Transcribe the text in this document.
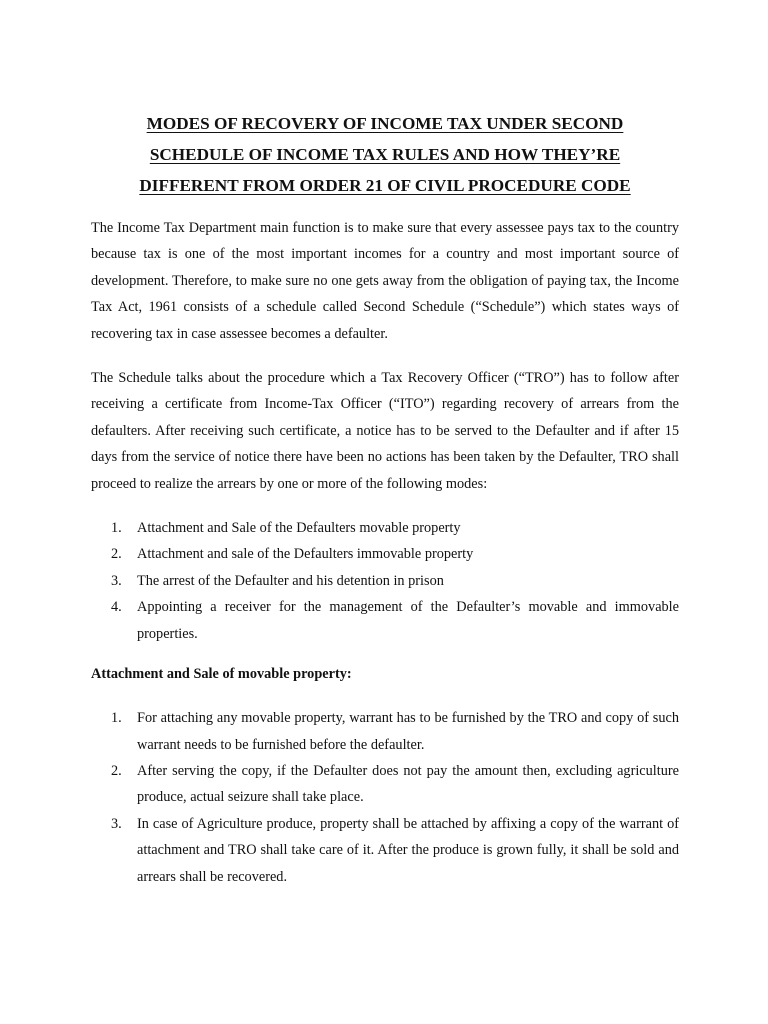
MODES OF RECOVERY OF INCOME TAX UNDER SECOND
SCHEDULE OF INCOME TAX RULES AND HOW THEY’RE
DIFFERENT FROM ORDER 21 OF CIVIL PROCEDURE CODE

The Income Tax Department main function is to make sure that every assessee pays tax to the country because tax is one of the most important incomes for a country and most important source of development. Therefore, to make sure no one gets away from the obligation of paying tax, the Income Tax Act, 1961 consists of a schedule called Second Schedule (“Schedule”) which states ways of recovering tax in case assessee becomes a defaulter.

The Schedule talks about the procedure which a Tax Recovery Officer (“TRO”) has to follow after receiving a certificate from Income-Tax Officer (“ITO”) regarding recovery of arrears from the defaulters. After receiving such certificate, a notice has to be served to the Defaulter and if after 15 days from the service of notice there have been no actions has been taken by the Defaulter, TRO shall proceed to realize the arrears by one or more of the following modes:

1. Attachment and Sale of the Defaulters movable property
2. Attachment and sale of the Defaulters immovable property
3. The arrest of the Defaulter and his detention in prison
4. Appointing a receiver for the management of the Defaulter’s movable and immovable properties.
Attachment and Sale of movable property:
1. For attaching any movable property, warrant has to be furnished by the TRO and copy of such warrant needs to be furnished before the defaulter.
2. After serving the copy, if the Defaulter does not pay the amount then, excluding agriculture produce, actual seizure shall take place.
3. In case of Agriculture produce, property shall be attached by affixing a copy of the warrant of attachment and TRO shall take care of it. After the produce is grown fully, it shall be sold and arrears shall be recovered.
